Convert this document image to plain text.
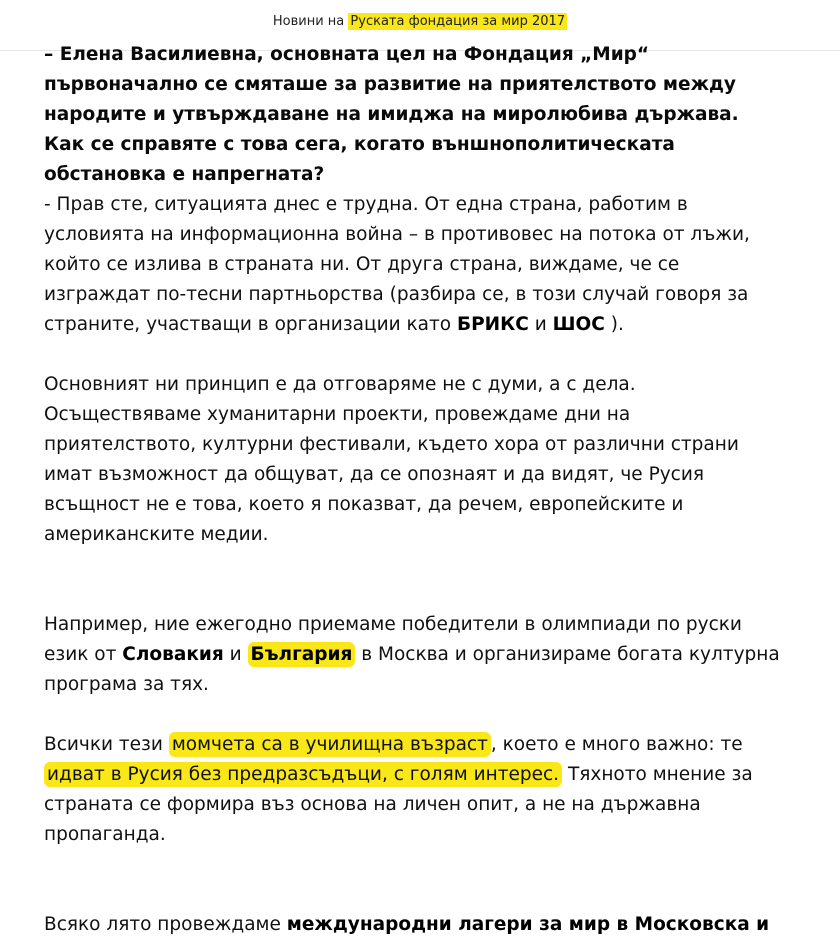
Новини на Руската фондация за мир 2017

– Елена Василиевна, основната цел на Фондация „Мир“ първоначално се смяташе за развитие на приятелството между народите и утвърждаване на имиджа на миролюбива държава. Как се справяте с това сега, когато външнополитическата обстановка е напрегната?

- Прав сте, ситуацията днес е трудна. От една страна, работим в условията на информационна война – в противовес на потока от лъжи, който се излива в страната ни. От друга страна, виждаме, че се изграждат по-тесни партньорства (разбира се, в този случай говоря за страните, участващи в организации като БРИКС и ШОС ).

Основният ни принцип е да отговаряме не с думи, а с дела. Осъществяваме хуманитарни проекти, провеждаме дни на приятелството, културни фестивали, където хора от различни страни имат възможност да общуват, да се опознаят и да видят, че Русия всъщност не е това, което я показват, да речем, европейските и американските медии.

Например, ние ежегодно приемаме победители в олимпиади по руски език от Словакия и България в Москва и организираме богата културна програма за тях.

Всички тези момчета са в училищна възраст , което е много важно: те идват в Русия без предразсъдъци, с голям интерес. Тяхното мнение за страната се формира въз основа на личен опит, а не на държавна пропаганда.

Всяко лято провеждаме международни лагери за мир в Московска и
